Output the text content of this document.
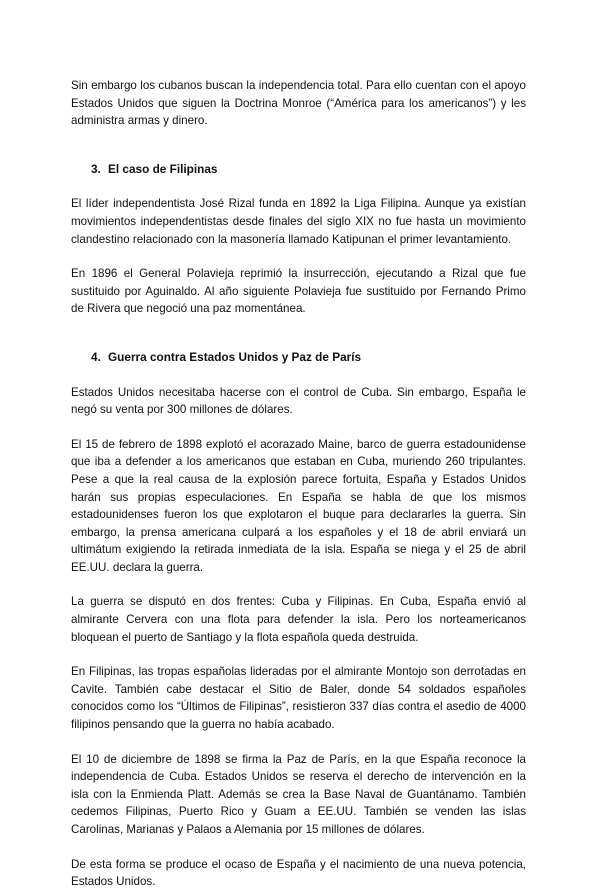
Sin embargo los cubanos buscan la independencia total. Para ello cuentan con el apoyo Estados Unidos que siguen la Doctrina Monroe (“América para los americanos”) y les administra armas y dinero.

3. El caso de Filipinas

El líder independentista José Rizal funda en 1892 la Liga Filipina. Aunque ya existían movimientos independentistas desde finales del siglo XIX no fue hasta un movimiento clandestino relacionado con la masonería llamado Katipunan el primer levantamiento.

En 1896 el General Polavieja reprimió la insurrección, ejecutando a Rizal que fue sustituido por Aguinaldo. Al año siguiente Polavieja fue sustituido por Fernando Primo de Rivera que negoció una paz momentánea.

4. Guerra contra Estados Unidos y Paz de París

Estados Unidos necesitaba hacerse con el control de Cuba. Sin embargo, España le negó su venta por 300 millones de dólares.

El 15 de febrero de 1898 explotó el acorazado Maine, barco de guerra estadounidense que iba a defender a los americanos que estaban en Cuba, muriendo 260 tripulantes. Pese a que la real causa de la explosión parece fortuita, España y Estados Unidos harán sus propias especulaciones. En España se habla de que los mismos estadounidenses fueron los que explotaron el buque para declararles la guerra. Sin embargo, la prensa americana culpará a los españoles y el 18 de abril enviará un ultimátum exigiendo la retirada inmediata de la isla. España se niega y el 25 de abril EE.UU. declara la guerra.

La guerra se disputó en dos frentes: Cuba y Filipinas. En Cuba, España envió al almirante Cervera con una flota para defender la isla. Pero los norteamericanos bloquean el puerto de Santiago y la flota española queda destruida.

En Filipinas, las tropas españolas lideradas por el almirante Montojo son derrotadas en Cavite. También cabe destacar el Sitio de Baler, donde 54 soldados españoles conocidos como los “Últimos de Filipinas”, resistieron 337 días contra el asedio de 4000 filipinos pensando que la guerra no había acabado.

El 10 de diciembre de 1898 se firma la Paz de París, en la que España reconoce la independencia de Cuba. Estados Unidos se reserva el derecho de intervención en la isla con la Enmienda Platt. Además se crea la Base Naval de Guantánamo. También cedemos Filipinas, Puerto Rico y Guam a EE.UU. También se venden las islas Carolinas, Marianas y Palaos a Alemania por 15 millones de dólares.

De esta forma se produce el ocaso de España y el nacimiento de una nueva potencia, Estados Unidos.
